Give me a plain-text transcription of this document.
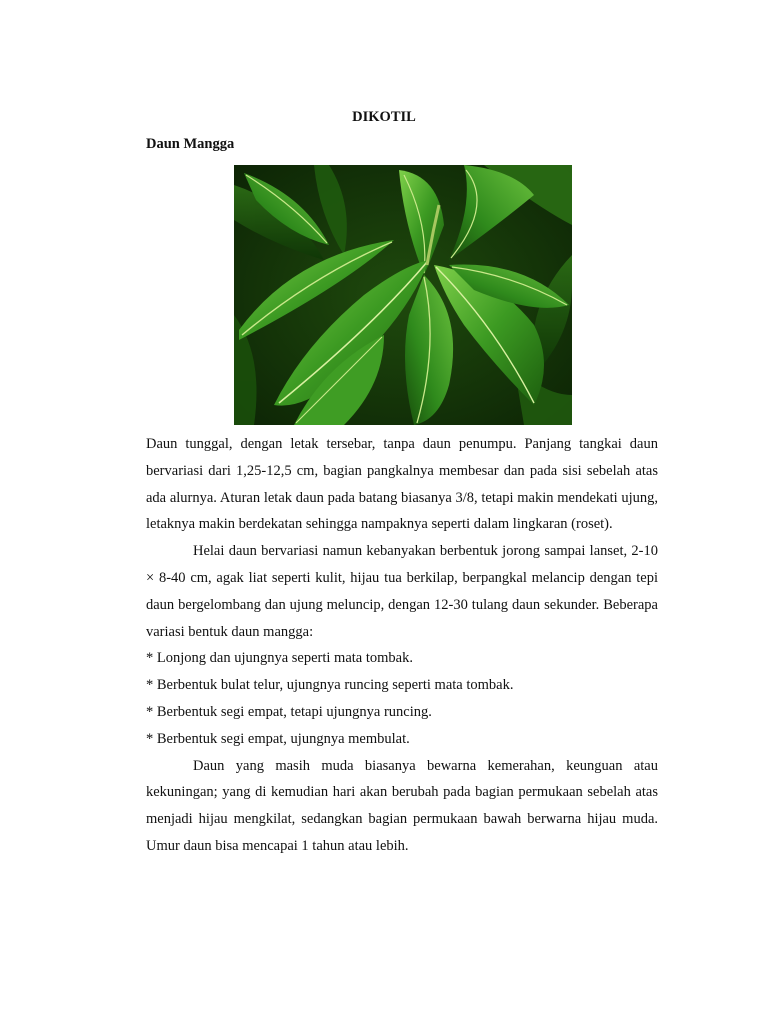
DIKOTIL
Daun Mangga

Daun tunggal, dengan letak tersebar, tanpa daun penumpu. Panjang tangkai daun bervariasi dari 1,25-12,5 cm, bagian pangkalnya membesar dan pada sisi sebelah atas ada alurnya. Aturan letak daun pada batang biasanya 3/8, tetapi makin mendekati ujung, letaknya makin berdekatan sehingga nampaknya seperti dalam lingkaran (roset).

Helai daun bervariasi namun kebanyakan berbentuk jorong sampai lanset, 2-10 × 8-40 cm, agak liat seperti kulit, hijau tua berkilap, berpangkal melancip dengan tepi daun bergelombang dan ujung meluncip, dengan 12-30 tulang daun sekunder. Beberapa variasi bentuk daun mangga:

* Lonjong dan ujungnya seperti mata tombak.

* Berbentuk bulat telur, ujungnya runcing seperti mata tombak.

* Berbentuk segi empat, tetapi ujungnya runcing.

* Berbentuk segi empat, ujungnya membulat.

Daun yang masih muda biasanya bewarna kemerahan, keunguan atau kekuningan; yang di kemudian hari akan berubah pada bagian permukaan sebelah atas menjadi hijau mengkilat, sedangkan bagian permukaan bawah berwarna hijau muda. Umur daun bisa mencapai 1 tahun atau lebih.
